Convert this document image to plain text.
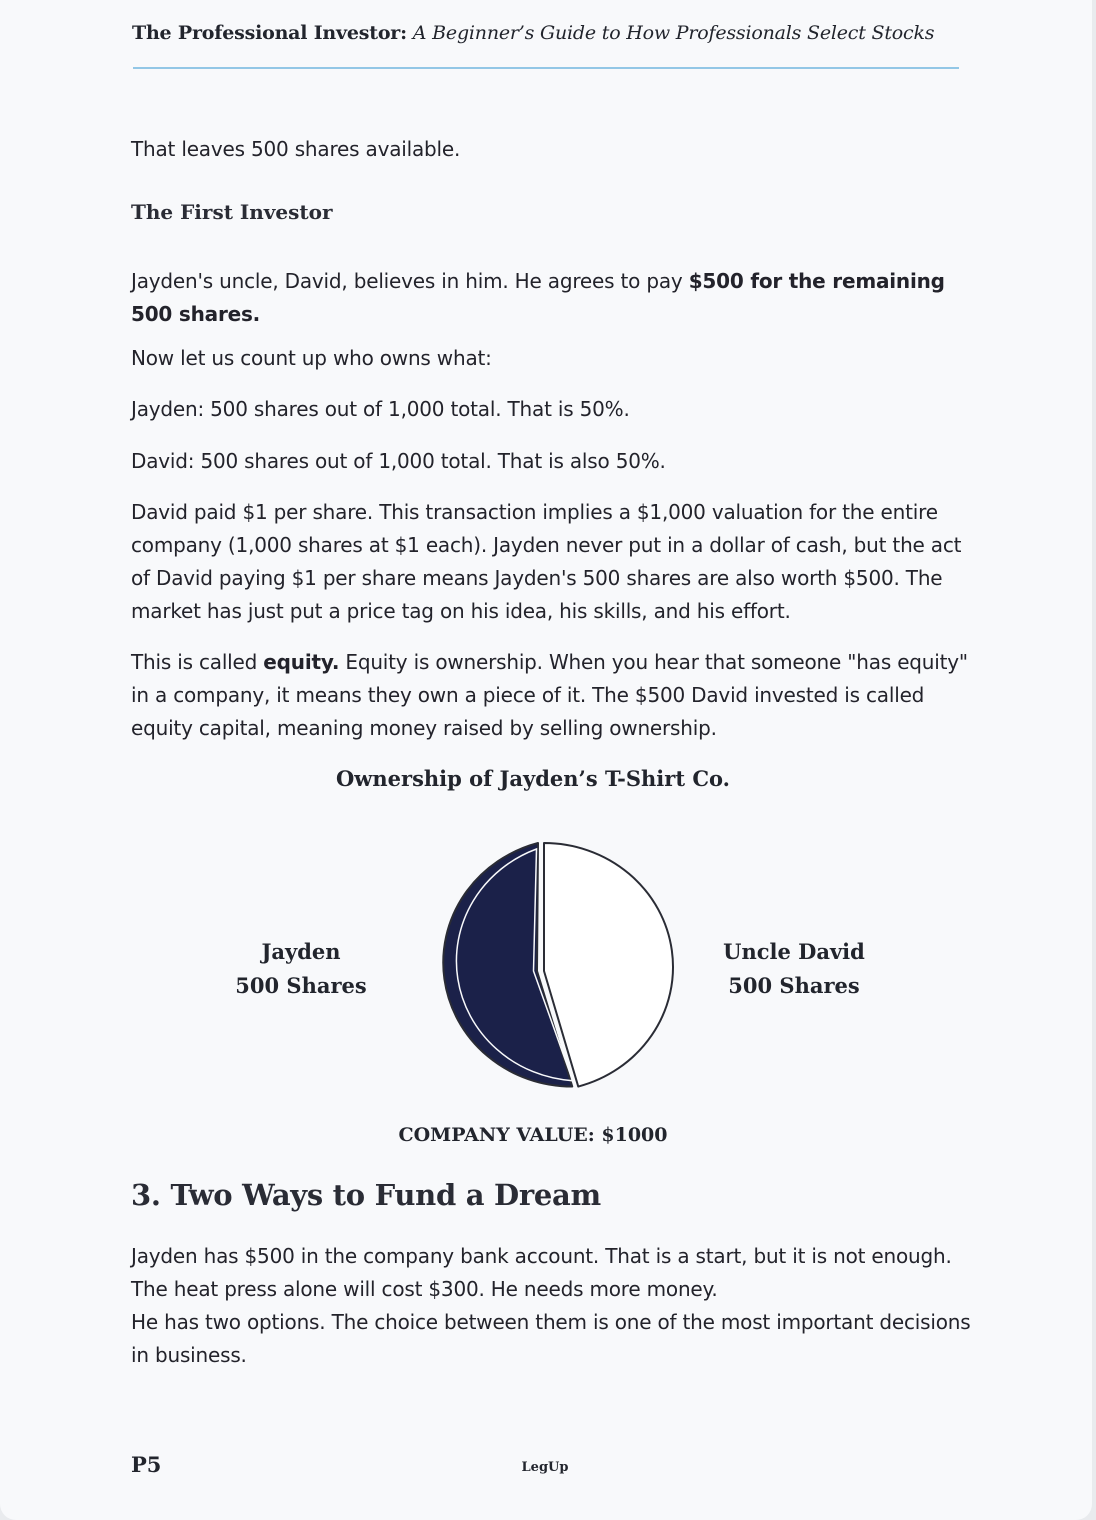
The Professional Investor: A Beginner’s Guide to How Professionals Select Stocks
That leaves 500 shares available.
The First Investor
Jayden's uncle, David, believes in him. He agrees to pay $500 for the remaining 500 shares.
Now let us count up who owns what:
Jayden: 500 shares out of 1,000 total. That is 50%.
David: 500 shares out of 1,000 total. That is also 50%.
David paid $1 per share. This transaction implies a $1,000 valuation for the entire company (1,000 shares at $1 each). Jayden never put in a dollar of cash, but the act of David paying $1 per share means Jayden's 500 shares are also worth $500. The market has just put a price tag on his idea, his skills, and his effort.
This is called equity. Equity is ownership. When you hear that someone "has equity" in a company, it means they own a piece of it. The $500 David invested is called equity capital, meaning money raised by selling ownership.
Ownership of Jayden’s T-Shirt Co.
Jayden
500 Shares
Uncle David
500 Shares
COMPANY VALUE: $1000
3. Two Ways to Fund a Dream
Jayden has $500 in the company bank account. That is a start, but it is not enough. The heat press alone will cost $300. He needs more money.
He has two options. The choice between them is one of the most important decisions in business.
P5	LegUp
